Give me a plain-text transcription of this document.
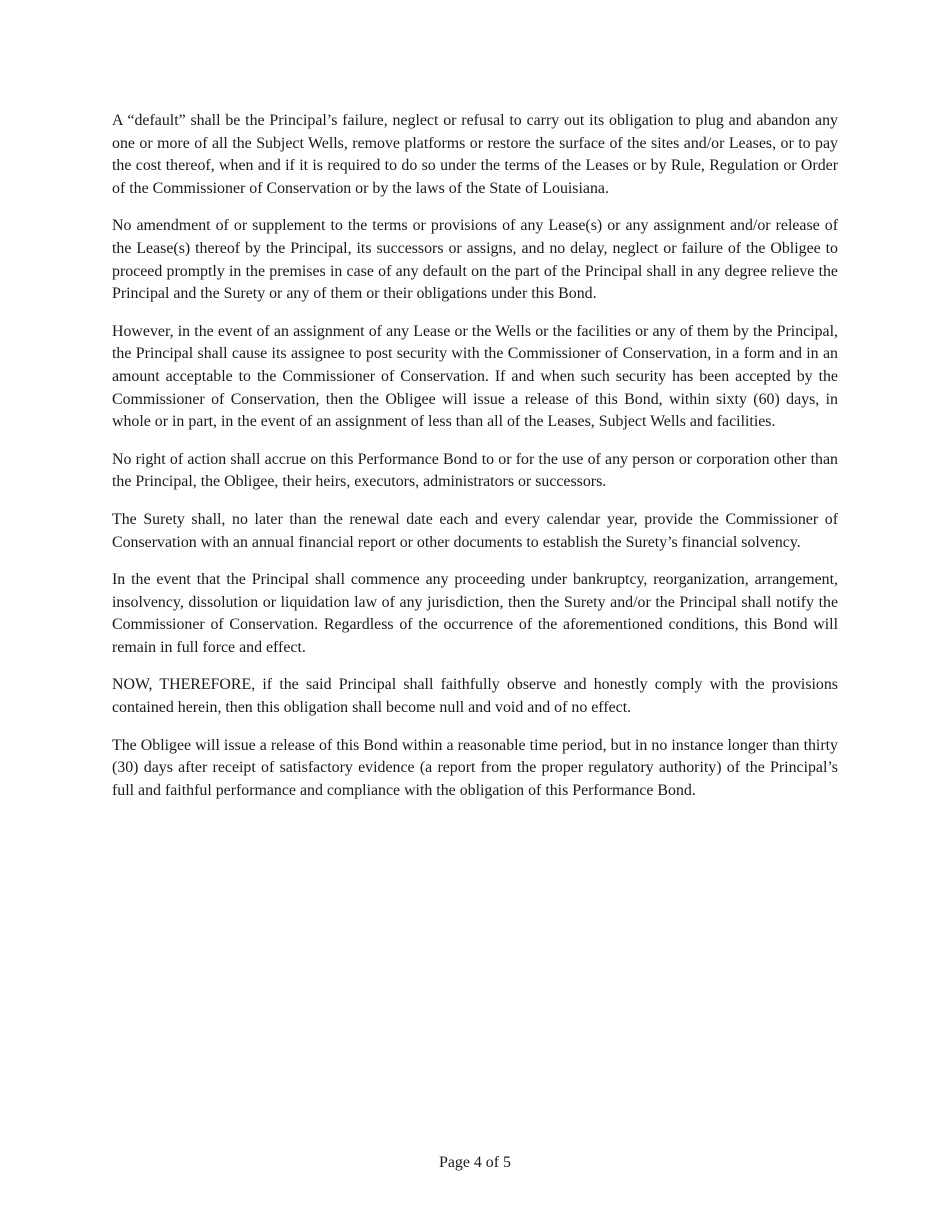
A “default” shall be the Principal’s failure, neglect or refusal to carry out its obligation to plug and abandon any one or more of all the Subject Wells, remove platforms or restore the surface of the sites and/or Leases, or to pay the cost thereof, when and if it is required to do so under the terms of the Leases or by Rule, Regulation or Order of the Commissioner of Conservation or by the laws of the State of Louisiana.

No amendment of or supplement to the terms or provisions of any Lease(s) or any assignment and/or release of the Lease(s) thereof by the Principal, its successors or assigns, and no delay, neglect or failure of the Obligee to proceed promptly in the premises in case of any default on the part of the Principal shall in any degree relieve the Principal and the Surety or any of them or their obligations under this Bond.

However, in the event of an assignment of any Lease or the Wells or the facilities or any of them by the Principal, the Principal shall cause its assignee to post security with the Commissioner of Conservation, in a form and in an amount acceptable to the Commissioner of Conservation. If and when such security has been accepted by the Commissioner of Conservation, then the Obligee will issue a release of this Bond, within sixty (60) days, in whole or in part, in the event of an assignment of less than all of the Leases, Subject Wells and facilities.

No right of action shall accrue on this Performance Bond to or for the use of any person or corporation other than the Principal, the Obligee, their heirs, executors, administrators or successors.

The Surety shall, no later than the renewal date each and every calendar year, provide the Commissioner of Conservation with an annual financial report or other documents to establish the Surety’s financial solvency.

In the event that the Principal shall commence any proceeding under bankruptcy, reorganization, arrangement, insolvency, dissolution or liquidation law of any jurisdiction, then the Surety and/or the Principal shall notify the Commissioner of Conservation. Regardless of the occurrence of the aforementioned conditions, this Bond will remain in full force and effect.

NOW, THEREFORE, if the said Principal shall faithfully observe and honestly comply with the provisions contained herein, then this obligation shall become null and void and of no effect.

The Obligee will issue a release of this Bond within a reasonable time period, but in no instance longer than thirty (30) days after receipt of satisfactory evidence (a report from the proper regulatory authority) of the Principal’s full and faithful performance and compliance with the obligation of this Performance Bond.

Page 4 of 5
